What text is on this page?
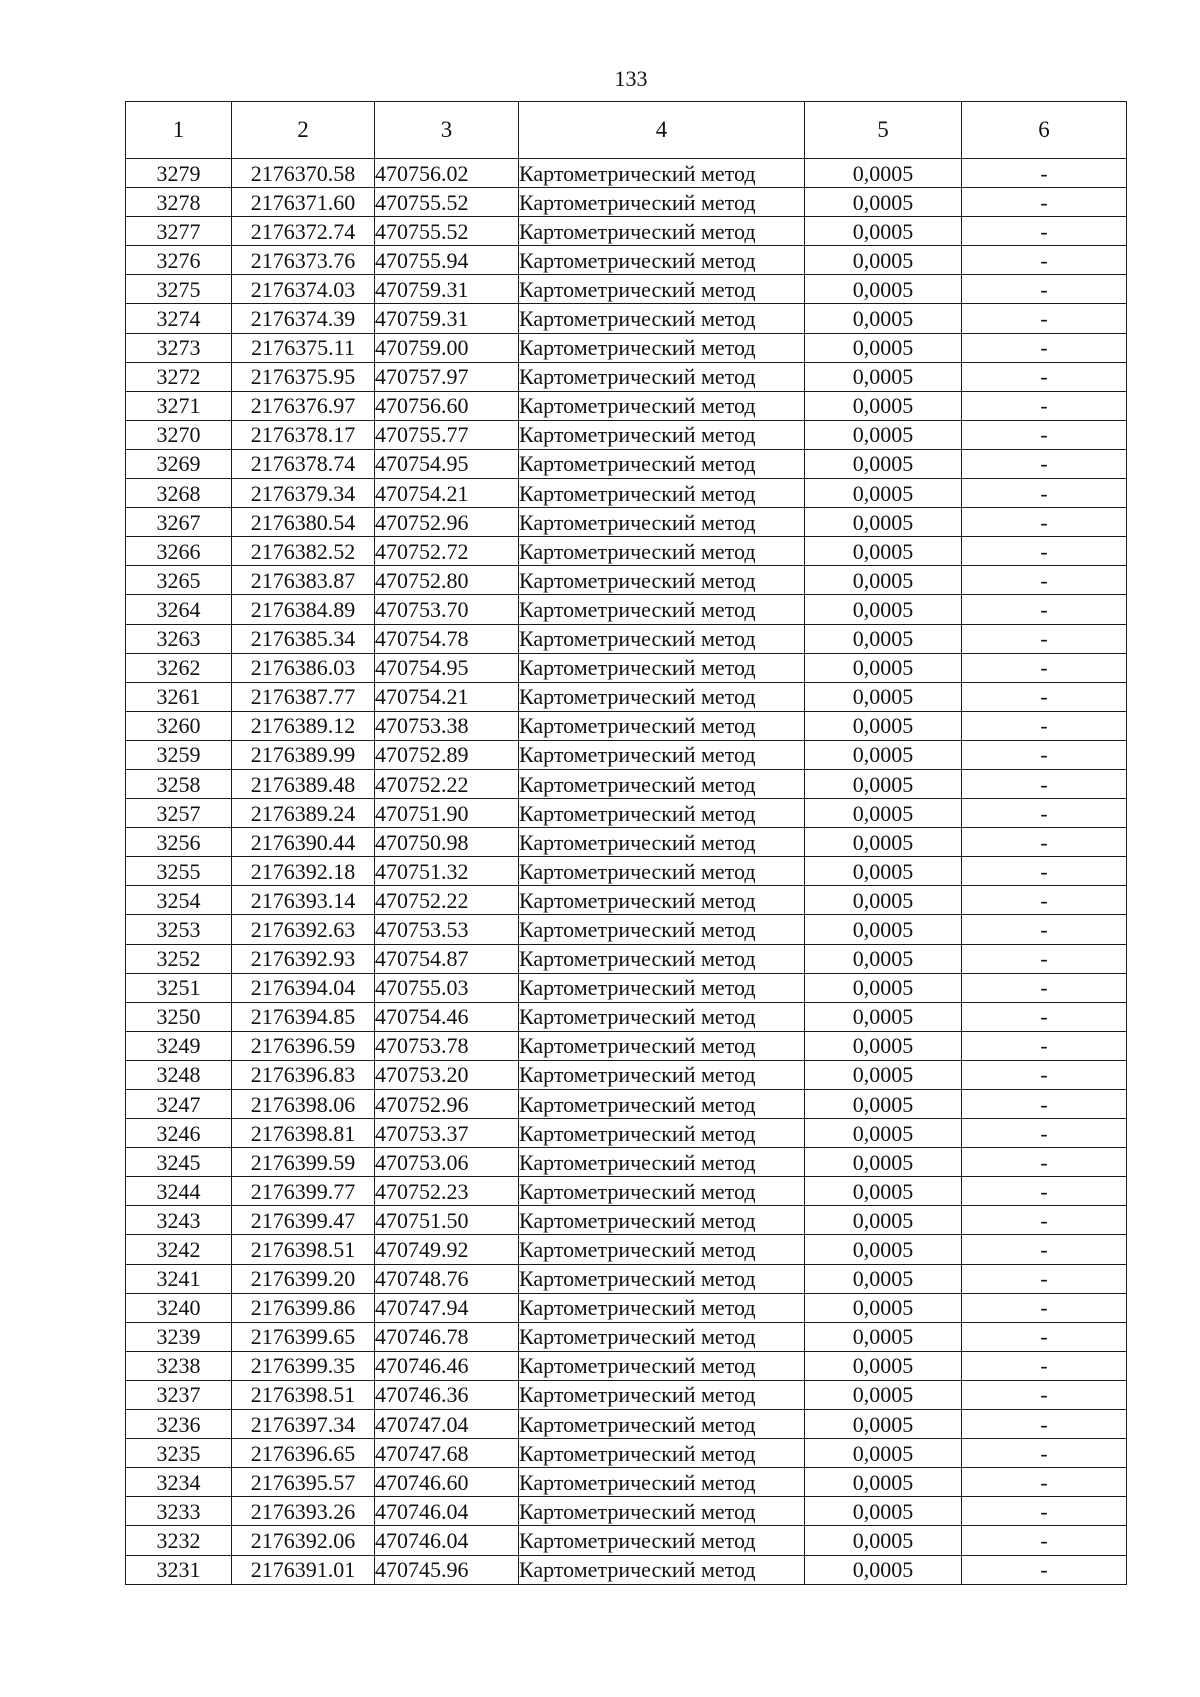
133
1	2	3	4	5	6
3279	2176370.58	470756.02	Картометрический метод	0,0005	-
3278	2176371.60	470755.52	Картометрический метод	0,0005	-
3277	2176372.74	470755.52	Картометрический метод	0,0005	-
3276	2176373.76	470755.94	Картометрический метод	0,0005	-
3275	2176374.03	470759.31	Картометрический метод	0,0005	-
3274	2176374.39	470759.31	Картометрический метод	0,0005	-
3273	2176375.11	470759.00	Картометрический метод	0,0005	-
3272	2176375.95	470757.97	Картометрический метод	0,0005	-
3271	2176376.97	470756.60	Картометрический метод	0,0005	-
3270	2176378.17	470755.77	Картометрический метод	0,0005	-
3269	2176378.74	470754.95	Картометрический метод	0,0005	-
3268	2176379.34	470754.21	Картометрический метод	0,0005	-
3267	2176380.54	470752.96	Картометрический метод	0,0005	-
3266	2176382.52	470752.72	Картометрический метод	0,0005	-
3265	2176383.87	470752.80	Картометрический метод	0,0005	-
3264	2176384.89	470753.70	Картометрический метод	0,0005	-
3263	2176385.34	470754.78	Картометрический метод	0,0005	-
3262	2176386.03	470754.95	Картометрический метод	0,0005	-
3261	2176387.77	470754.21	Картометрический метод	0,0005	-
3260	2176389.12	470753.38	Картометрический метод	0,0005	-
3259	2176389.99	470752.89	Картометрический метод	0,0005	-
3258	2176389.48	470752.22	Картометрический метод	0,0005	-
3257	2176389.24	470751.90	Картометрический метод	0,0005	-
3256	2176390.44	470750.98	Картометрический метод	0,0005	-
3255	2176392.18	470751.32	Картометрический метод	0,0005	-
3254	2176393.14	470752.22	Картометрический метод	0,0005	-
3253	2176392.63	470753.53	Картометрический метод	0,0005	-
3252	2176392.93	470754.87	Картометрический метод	0,0005	-
3251	2176394.04	470755.03	Картометрический метод	0,0005	-
3250	2176394.85	470754.46	Картометрический метод	0,0005	-
3249	2176396.59	470753.78	Картометрический метод	0,0005	-
3248	2176396.83	470753.20	Картометрический метод	0,0005	-
3247	2176398.06	470752.96	Картометрический метод	0,0005	-
3246	2176398.81	470753.37	Картометрический метод	0,0005	-
3245	2176399.59	470753.06	Картометрический метод	0,0005	-
3244	2176399.77	470752.23	Картометрический метод	0,0005	-
3243	2176399.47	470751.50	Картометрический метод	0,0005	-
3242	2176398.51	470749.92	Картометрический метод	0,0005	-
3241	2176399.20	470748.76	Картометрический метод	0,0005	-
3240	2176399.86	470747.94	Картометрический метод	0,0005	-
3239	2176399.65	470746.78	Картометрический метод	0,0005	-
3238	2176399.35	470746.46	Картометрический метод	0,0005	-
3237	2176398.51	470746.36	Картометрический метод	0,0005	-
3236	2176397.34	470747.04	Картометрический метод	0,0005	-
3235	2176396.65	470747.68	Картометрический метод	0,0005	-
3234	2176395.57	470746.60	Картометрический метод	0,0005	-
3233	2176393.26	470746.04	Картометрический метод	0,0005	-
3232	2176392.06	470746.04	Картометрический метод	0,0005	-
3231	2176391.01	470745.96	Картометрический метод	0,0005	-
